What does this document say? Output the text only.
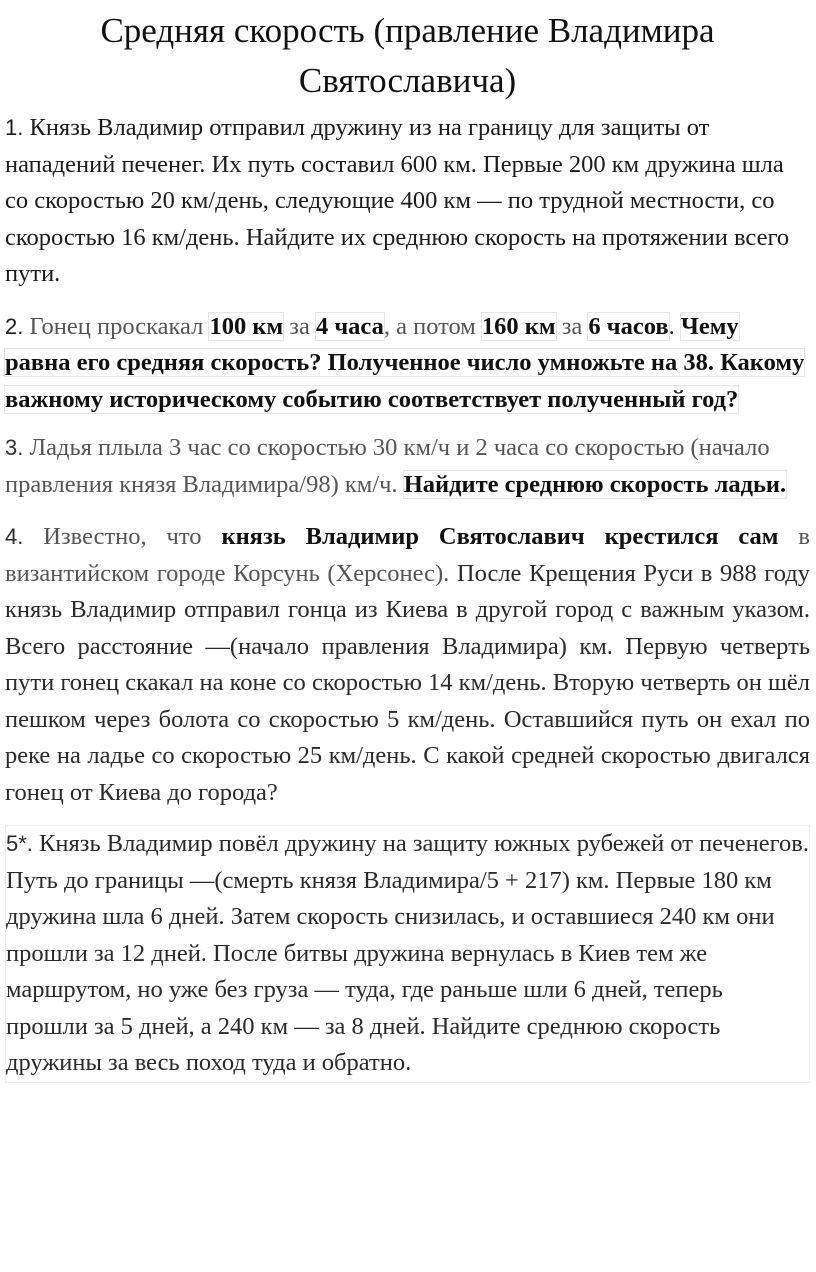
Средняя скорость (правление Владимира Святославича)

1. Князь Владимир отправил дружину из на границу для защиты от нападений печенег. Их путь составил 600 км. Первые 200 км дружина шла со скоростью 20 км/день, следующие 400 км — по трудной местности, со скоростью 16 км/день. Найдите их среднюю скорость на протяжении всего пути.

2. Гонец проскакал 100 км за 4 часа, а потом 160 км за 6 часов. Чему равна его средняя скорость? Полученное число умножьте на 38. Какому важному историческому событию соответствует полученный год?

3. Ладья плыла 3 час со скоростью 30 км/ч и 2 часа со скоростью (начало правления князя Владимира/98) км/ч. Найдите среднюю скорость ладьи.

4. Известно, что князь Владимир Святославич крестился сам в византийском городе Корсунь (Херсонес). После Крещения Руси в 988 году князь Владимир отправил гонца из Киева в другой город с важным указом. Всего расстояние —(начало правления Владимира) км. Первую четверть пути гонец скакал на коне со скоростью 14 км/день. Вторую четверть он шёл пешком через болота со скоростью 5 км/день. Оставшийся путь он ехал по реке на ладье со скоростью 25 км/день. С какой средней скоростью двигался гонец от Киева до города?

5*. Князь Владимир повёл дружину на защиту южных рубежей от печенегов. Путь до границы —(смерть князя Владимира/5 + 217) км. Первые 180 км дружина шла 6 дней. Затем скорость снизилась, и оставшиеся 240 км они прошли за 12 дней. После битвы дружина вернулась в Киев тем же маршрутом, но уже без груза — туда, где раньше шли 6 дней, теперь прошли за 5 дней, а 240 км — за 8 дней. Найдите среднюю скорость дружины за весь поход туда и обратно.
